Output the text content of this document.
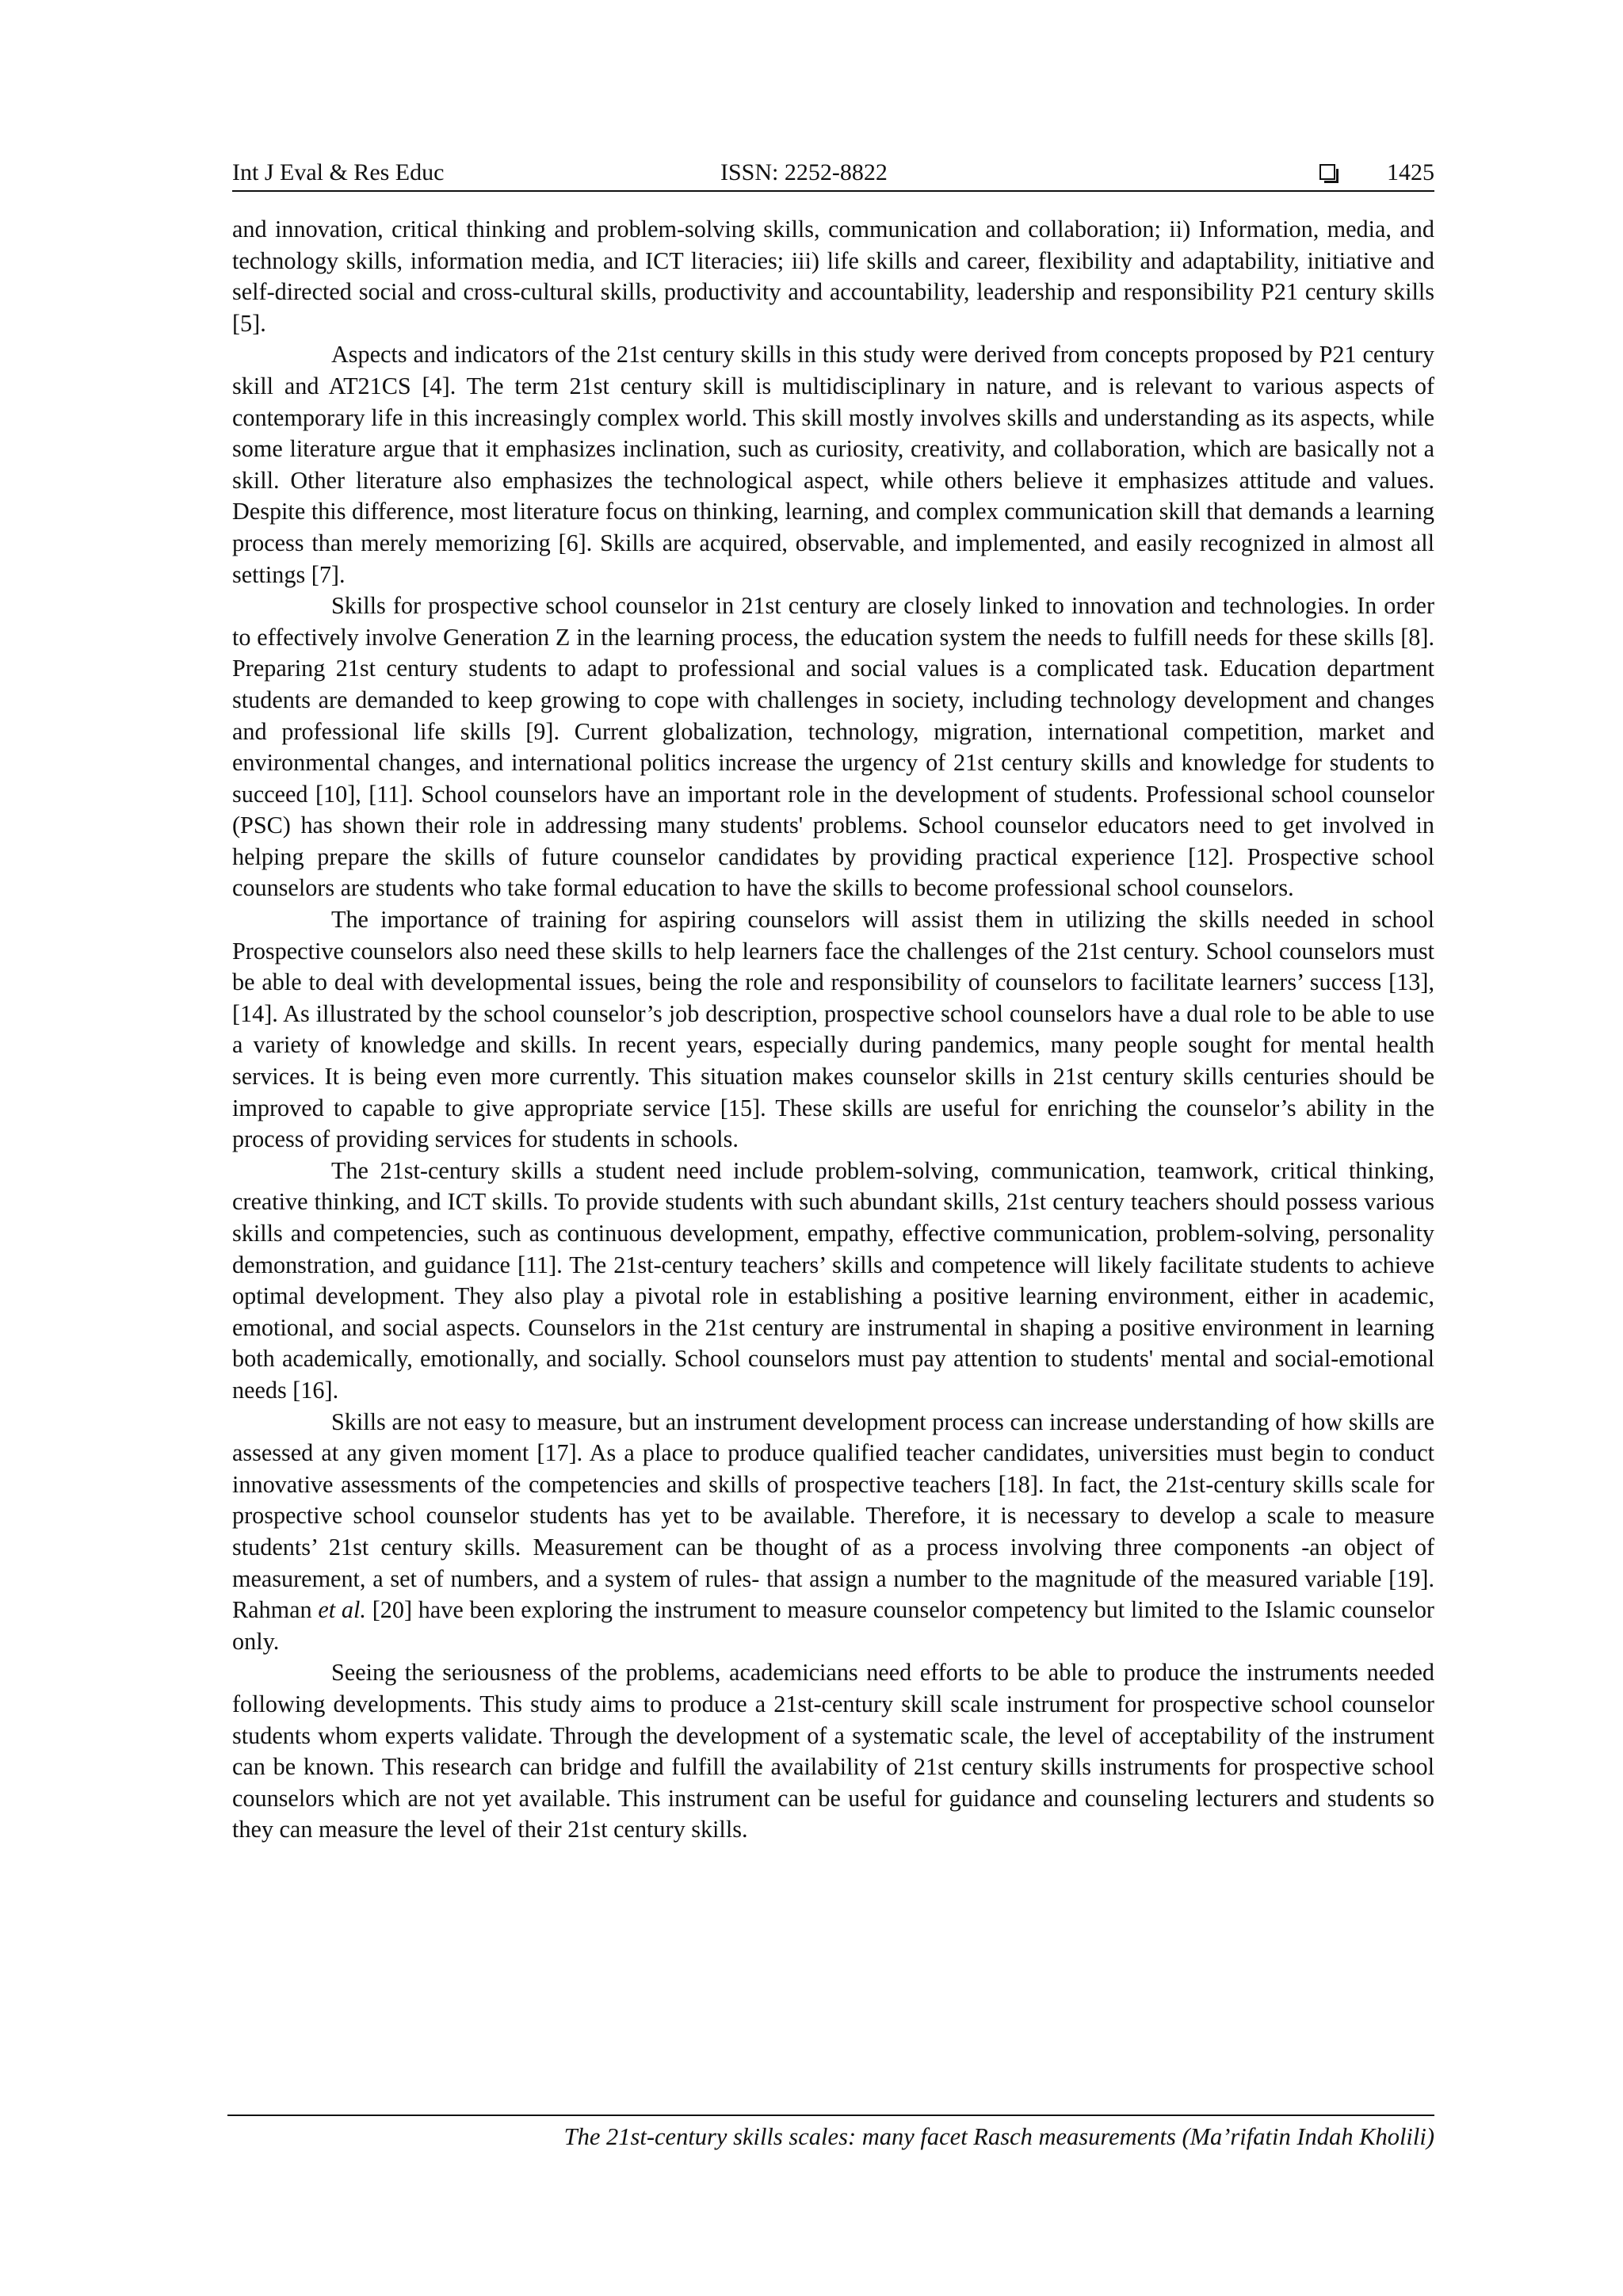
Int J Eval & Res Educ	ISSN: 2252-8822	1425

and innovation, critical thinking and problem-solving skills, communication and collaboration; ii) Information, media, and technology skills, information media, and ICT literacies; iii) life skills and career, flexibility and adaptability, initiative and self-directed social and cross-cultural skills, productivity and accountability, leadership and responsibility P21 century skills [5].

Aspects and indicators of the 21st century skills in this study were derived from concepts proposed by P21 century skill and AT21CS [4]. The term 21st century skill is multidisciplinary in nature, and is relevant to various aspects of contemporary life in this increasingly complex world. This skill mostly involves skills and understanding as its aspects, while some literature argue that it emphasizes inclination, such as curiosity, creativity, and collaboration, which are basically not a skill. Other literature also emphasizes the technological aspect, while others believe it emphasizes attitude and values. Despite this difference, most literature focus on thinking, learning, and complex communication skill that demands a learning process than merely memorizing [6]. Skills are acquired, observable, and implemented, and easily recognized in almost all settings [7].

Skills for prospective school counselor in 21st century are closely linked to innovation and technologies. In order to effectively involve Generation Z in the learning process, the education system the needs to fulfill needs for these skills [8]. Preparing 21st century students to adapt to professional and social values is a complicated task. Education department students are demanded to keep growing to cope with challenges in society, including technology development and changes and professional life skills [9]. Current globalization, technology, migration, international competition, market and environmental changes, and international politics increase the urgency of 21st century skills and knowledge for students to succeed [10], [11]. School counselors have an important role in the development of students. Professional school counselor (PSC) has shown their role in addressing many students' problems. School counselor educators need to get involved in helping prepare the skills of future counselor candidates by providing practical experience [12]. Prospective school counselors are students who take formal education to have the skills to become professional school counselors.

The importance of training for aspiring counselors will assist them in utilizing the skills needed in school Prospective counselors also need these skills to help learners face the challenges of the 21st century. School counselors must be able to deal with developmental issues, being the role and responsibility of counselors to facilitate learners’ success [13], [14]. As illustrated by the school counselor’s job description, prospective school counselors have a dual role to be able to use a variety of knowledge and skills. In recent years, especially during pandemics, many people sought for mental health services. It is being even more currently. This situation makes counselor skills in 21st century skills centuries should be improved to capable to give appropriate service [15]. These skills are useful for enriching the counselor’s ability in the process of providing services for students in schools.

The 21st-century skills a student need include problem-solving, communication, teamwork, critical thinking, creative thinking, and ICT skills. To provide students with such abundant skills, 21st century teachers should possess various skills and competencies, such as continuous development, empathy, effective communication, problem-solving, personality demonstration, and guidance [11]. The 21st-century teachers’ skills and competence will likely facilitate students to achieve optimal development. They also play a pivotal role in establishing a positive learning environment, either in academic, emotional, and social aspects. Counselors in the 21st century are instrumental in shaping a positive environment in learning both academically, emotionally, and socially. School counselors must pay attention to students' mental and social-emotional needs [16].

Skills are not easy to measure, but an instrument development process can increase understanding of how skills are assessed at any given moment [17]. As a place to produce qualified teacher candidates, universities must begin to conduct innovative assessments of the competencies and skills of prospective teachers [18]. In fact, the 21st-century skills scale for prospective school counselor students has yet to be available. Therefore, it is necessary to develop a scale to measure students’ 21st century skills. Measurement can be thought of as a process involving three components -an object of measurement, a set of numbers, and a system of rules- that assign a number to the magnitude of the measured variable [19]. Rahman et al. [20] have been exploring the instrument to measure counselor competency but limited to the Islamic counselor only.

Seeing the seriousness of the problems, academicians need efforts to be able to produce the instruments needed following developments. This study aims to produce a 21st-century skill scale instrument for prospective school counselor students whom experts validate. Through the development of a systematic scale, the level of acceptability of the instrument can be known. This research can bridge and fulfill the availability of 21st century skills instruments for prospective school counselors which are not yet available. This instrument can be useful for guidance and counseling lecturers and students so they can measure the level of their 21st century skills.

The 21st-century skills scales: many facet Rasch measurements (Ma’rifatin Indah Kholili)
